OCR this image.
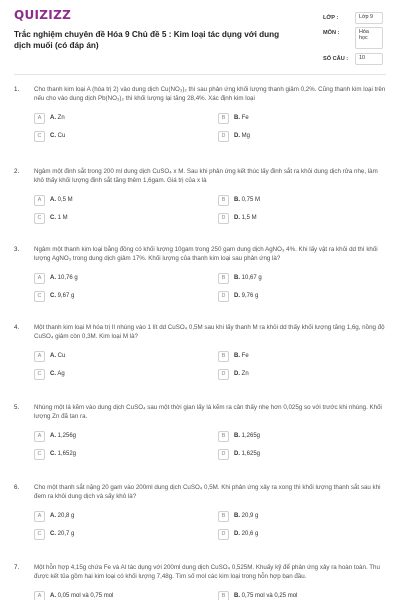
QUIZIZZ
Trắc nghiệm chuyên đề Hóa 9 Chủ đề 5 : Kim loại tác dụng với dung dịch muối (có đáp án)
LỚP :	Lớp 9
MÔN :	Hóa học
SỐ CÂU :	10
1. Cho thanh kim loại A (hóa trị 2) vào dung dịch Cu(NO₃)₂ thì sau phản ứng khối lượng thanh giảm 0,2%. Cũng thanh kim loại trên nếu cho vào dung dịch Pb(NO₃)₂ thì khối lượng lại tăng 28,4%. Xác định kim loại
A	A. Zn	B	B. Fe
C	C. Cu	D	D. Mg
2. Ngâm một đinh sắt trong 200 ml dung dịch CuSO₄ x M. Sau khi phản ứng kết thúc lấy đinh sắt ra khỏi dung dịch rửa nhẹ, làm khô thấy khối lượng đinh sắt tăng thêm 1,6gam. Giá trị của x là
A	A. 0,5 M	B	B. 0,75 M
C	C. 1 M	D	D. 1,5 M
3. Ngâm một thanh kim loại bằng đồng có khối lượng 10gam trong 250 gam dung dịch AgNO₃ 4%. Khi lấy vật ra khỏi dd thì khối lượng AgNO₃ trong dung dịch giảm 17%. Khối lượng của thanh kim loại sau phản ứng là?
A	A. 10,76 g	B	B. 10,67 g
C	C. 9,67 g	D	D. 9,76 g
4. Một thanh kim loại M hóa trị II nhúng vào 1 lít dd CuSO₄ 0,5M sau khi lấy thanh M ra khỏi dd thấy khối lượng tăng 1,6g, nồng độ CuSO₄ giảm còn 0,3M. Kim loại M là?
A	A. Cu	B	B. Fe
C	C. Ag	D	D. Zn
5. Nhúng một lá kẽm vào dung dịch CuSO₄ sau một thời gian lấy lá kẽm ra cân thấy nhẹ hơn 0,025g so với trước khi nhúng. Khối lượng Zn đã tan ra.
A	A. 1,256g	B	B. 1,265g
C	C. 1,652g	D	D. 1,625g
6. Cho một thanh sắt nặng 20 gam vào 200ml dung dịch CuSO₄ 0,5M. Khi phản ứng xảy ra xong thì khối lượng thanh sắt sau khi đem ra khỏi dung dịch và sấy khô là?
A	A. 20,8 g	B	B. 20,9 g
C	C. 20,7 g	D	D. 20,6 g
7. Một hỗn hợp 4,15g chứa Fe và Al tác dụng với 200ml dung dịch CuSO₄ 0,525M. Khuấy kỹ để phản ứng xảy ra hoàn toàn. Thu được kết tủa gồm hai kim loại có khối lượng 7,48g. Tìm số mol các kim loại trong hỗn hợp ban đầu.
A	A. 0,05 mol và 0,75 mol	B	B. 0,75 mol và 0,25 mol
